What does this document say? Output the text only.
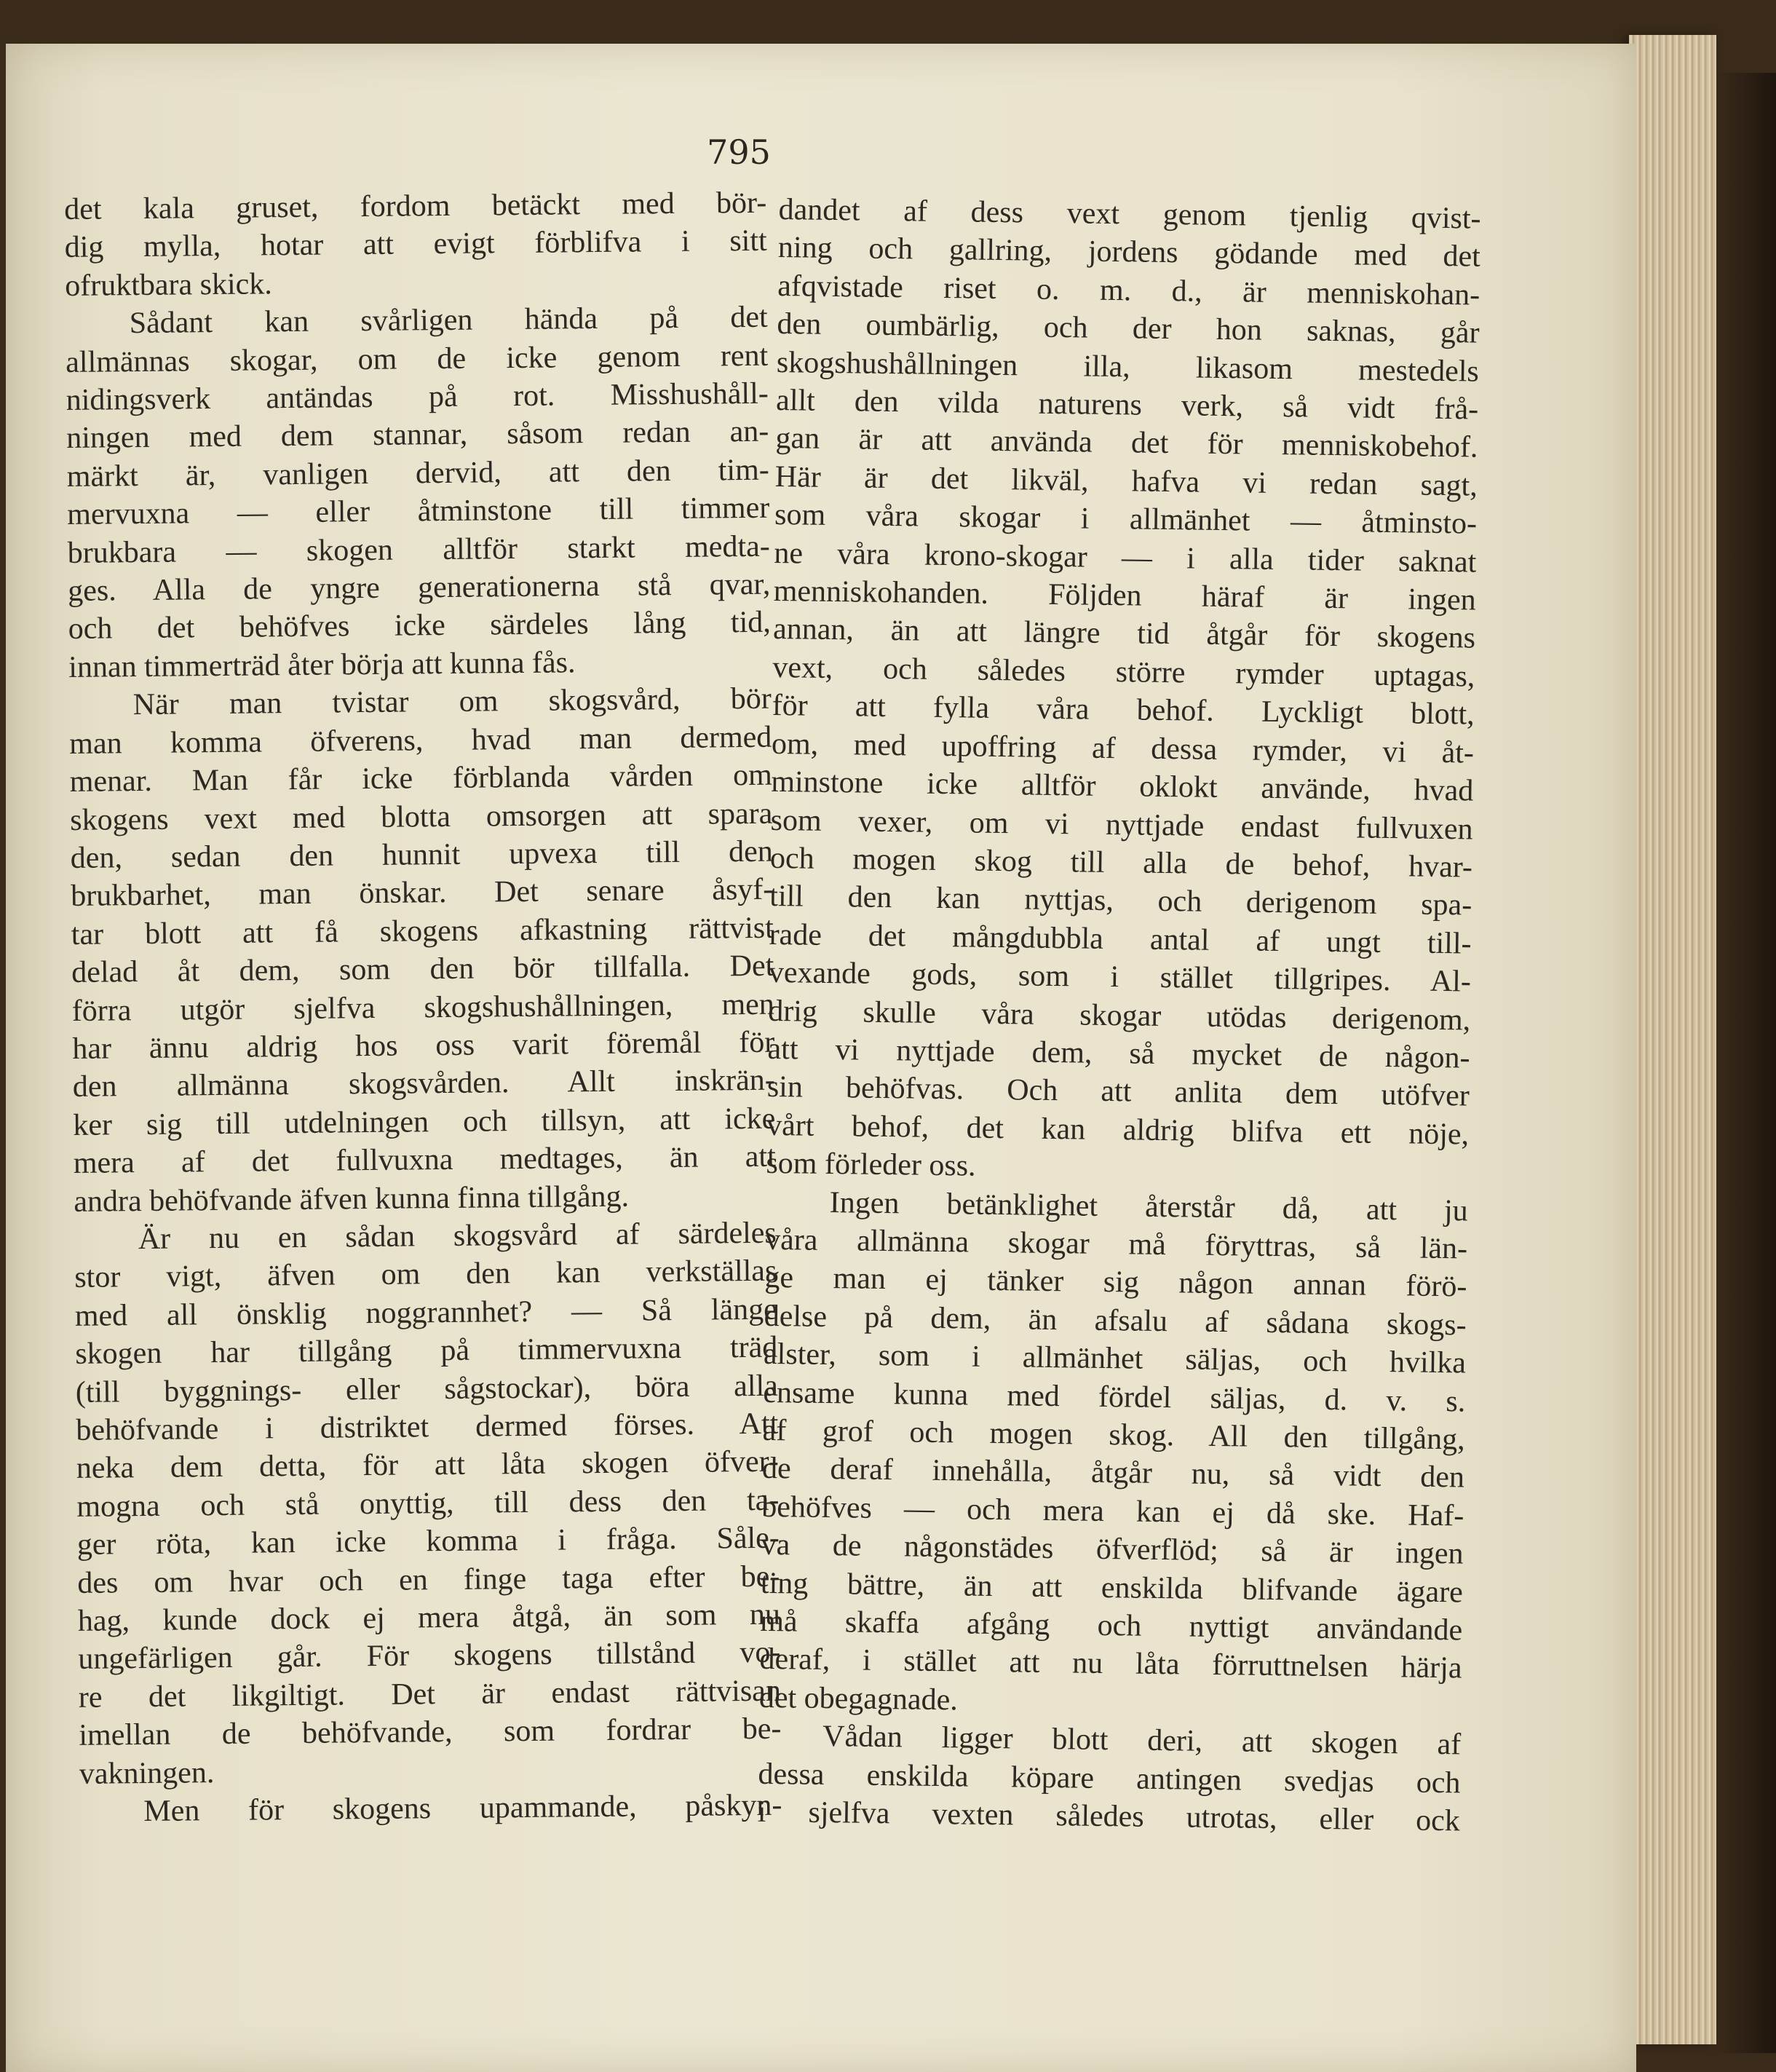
795
det kala gruset, fordom betäckt med bör-
dig mylla, hotar att evigt förblifva i sitt
ofruktbara skick.
Sådant kan svårligen hända på det
allmännas skogar, om de icke genom rent
nidingsverk antändas på rot. Misshushåll-
ningen med dem stannar, såsom redan an-
märkt är, vanligen dervid, att den tim-
mervuxna — eller åtminstone till timmer
brukbara — skogen alltför starkt medta-
ges. Alla de yngre generationerna stå qvar,
och det behöfves icke särdeles lång tid,
innan timmerträd åter börja att kunna fås.
När man tvistar om skogsvård, bör
man komma öfverens, hvad man dermed
menar. Man får icke förblanda vården om
skogens vext med blotta omsorgen att spara
den, sedan den hunnit upvexa till den
brukbarhet, man önskar. Det senare åsyf-
tar blott att få skogens afkastning rättvist
delad åt dem, som den bör tillfalla. Det
förra utgör sjelfva skogshushållningen, men
har ännu aldrig hos oss varit föremål för
den allmänna skogsvården. Allt inskrän-
ker sig till utdelningen och tillsyn, att icke
mera af det fullvuxna medtages, än att
andra behöfvande äfven kunna finna tillgång.
Är nu en sådan skogsvård af särdeles
stor vigt, äfven om den kan verkställas
med all önsklig noggrannhet? — Så länge
skogen har tillgång på timmervuxna träd
(till byggnings- eller sågstockar), böra alla
behöfvande i distriktet dermed förses. Att
neka dem detta, för att låta skogen öfver-
mogna och stå onyttig, till dess den ta-
ger röta, kan icke komma i fråga. Såle-
des om hvar och en finge taga efter be-
hag, kunde dock ej mera åtgå, än som nu
ungefärligen går. För skogens tillstånd vo-
re det likgiltigt. Det är endast rättvisan
imellan de behöfvande, som fordrar be-
vakningen.
Men för skogens upammande, påskyn-
dandet af dess vext genom tjenlig qvist-
ning och gallring, jordens gödande med det
afqvistade riset o. m. d., är menniskohan-
den oumbärlig, och der hon saknas, går
skogshushållningen illa, likasom mestedels
allt den vilda naturens verk, så vidt frå-
gan är att använda det för menniskobehof.
Här är det likväl, hafva vi redan sagt,
som våra skogar i allmänhet — åtminsto-
ne våra krono-skogar — i alla tider saknat
menniskohanden. Följden häraf är ingen
annan, än att längre tid åtgår för skogens
vext, och således större rymder uptagas,
för att fylla våra behof. Lyckligt blott,
om, med upoffring af dessa rymder, vi åt-
minstone icke alltför oklokt använde, hvad
som vexer, om vi nyttjade endast fullvuxen
och mogen skog till alla de behof, hvar-
till den kan nyttjas, och derigenom spa-
rade det mångdubbla antal af ungt till-
vexande gods, som i stället tillgripes. Al-
drig skulle våra skogar utödas derigenom,
att vi nyttjade dem, så mycket de någon-
sin behöfvas. Och att anlita dem utöfver
vårt behof, det kan aldrig blifva ett nöje,
som förleder oss.
Ingen betänklighet återstår då, att ju
våra allmänna skogar må föryttras, så län-
ge man ej tänker sig någon annan förö-
delse på dem, än afsalu af sådana skogs-
alster, som i allmänhet säljas, och hvilka
ensame kunna med fördel säljas, d. v. s.
af grof och mogen skog. All den tillgång,
de deraf innehålla, åtgår nu, så vidt den
behöfves — och mera kan ej då ske. Haf-
va de någonstädes öfverflöd; så är ingen
ting bättre, än att enskilda blifvande ägare
må skaffa afgång och nyttigt användande
deraf, i stället att nu låta förruttnelsen härja
det obegagnade.
Vådan ligger blott deri, att skogen af
dessa enskilda köpare antingen svedjas och
i sjelfva vexten således utrotas, eller ock
